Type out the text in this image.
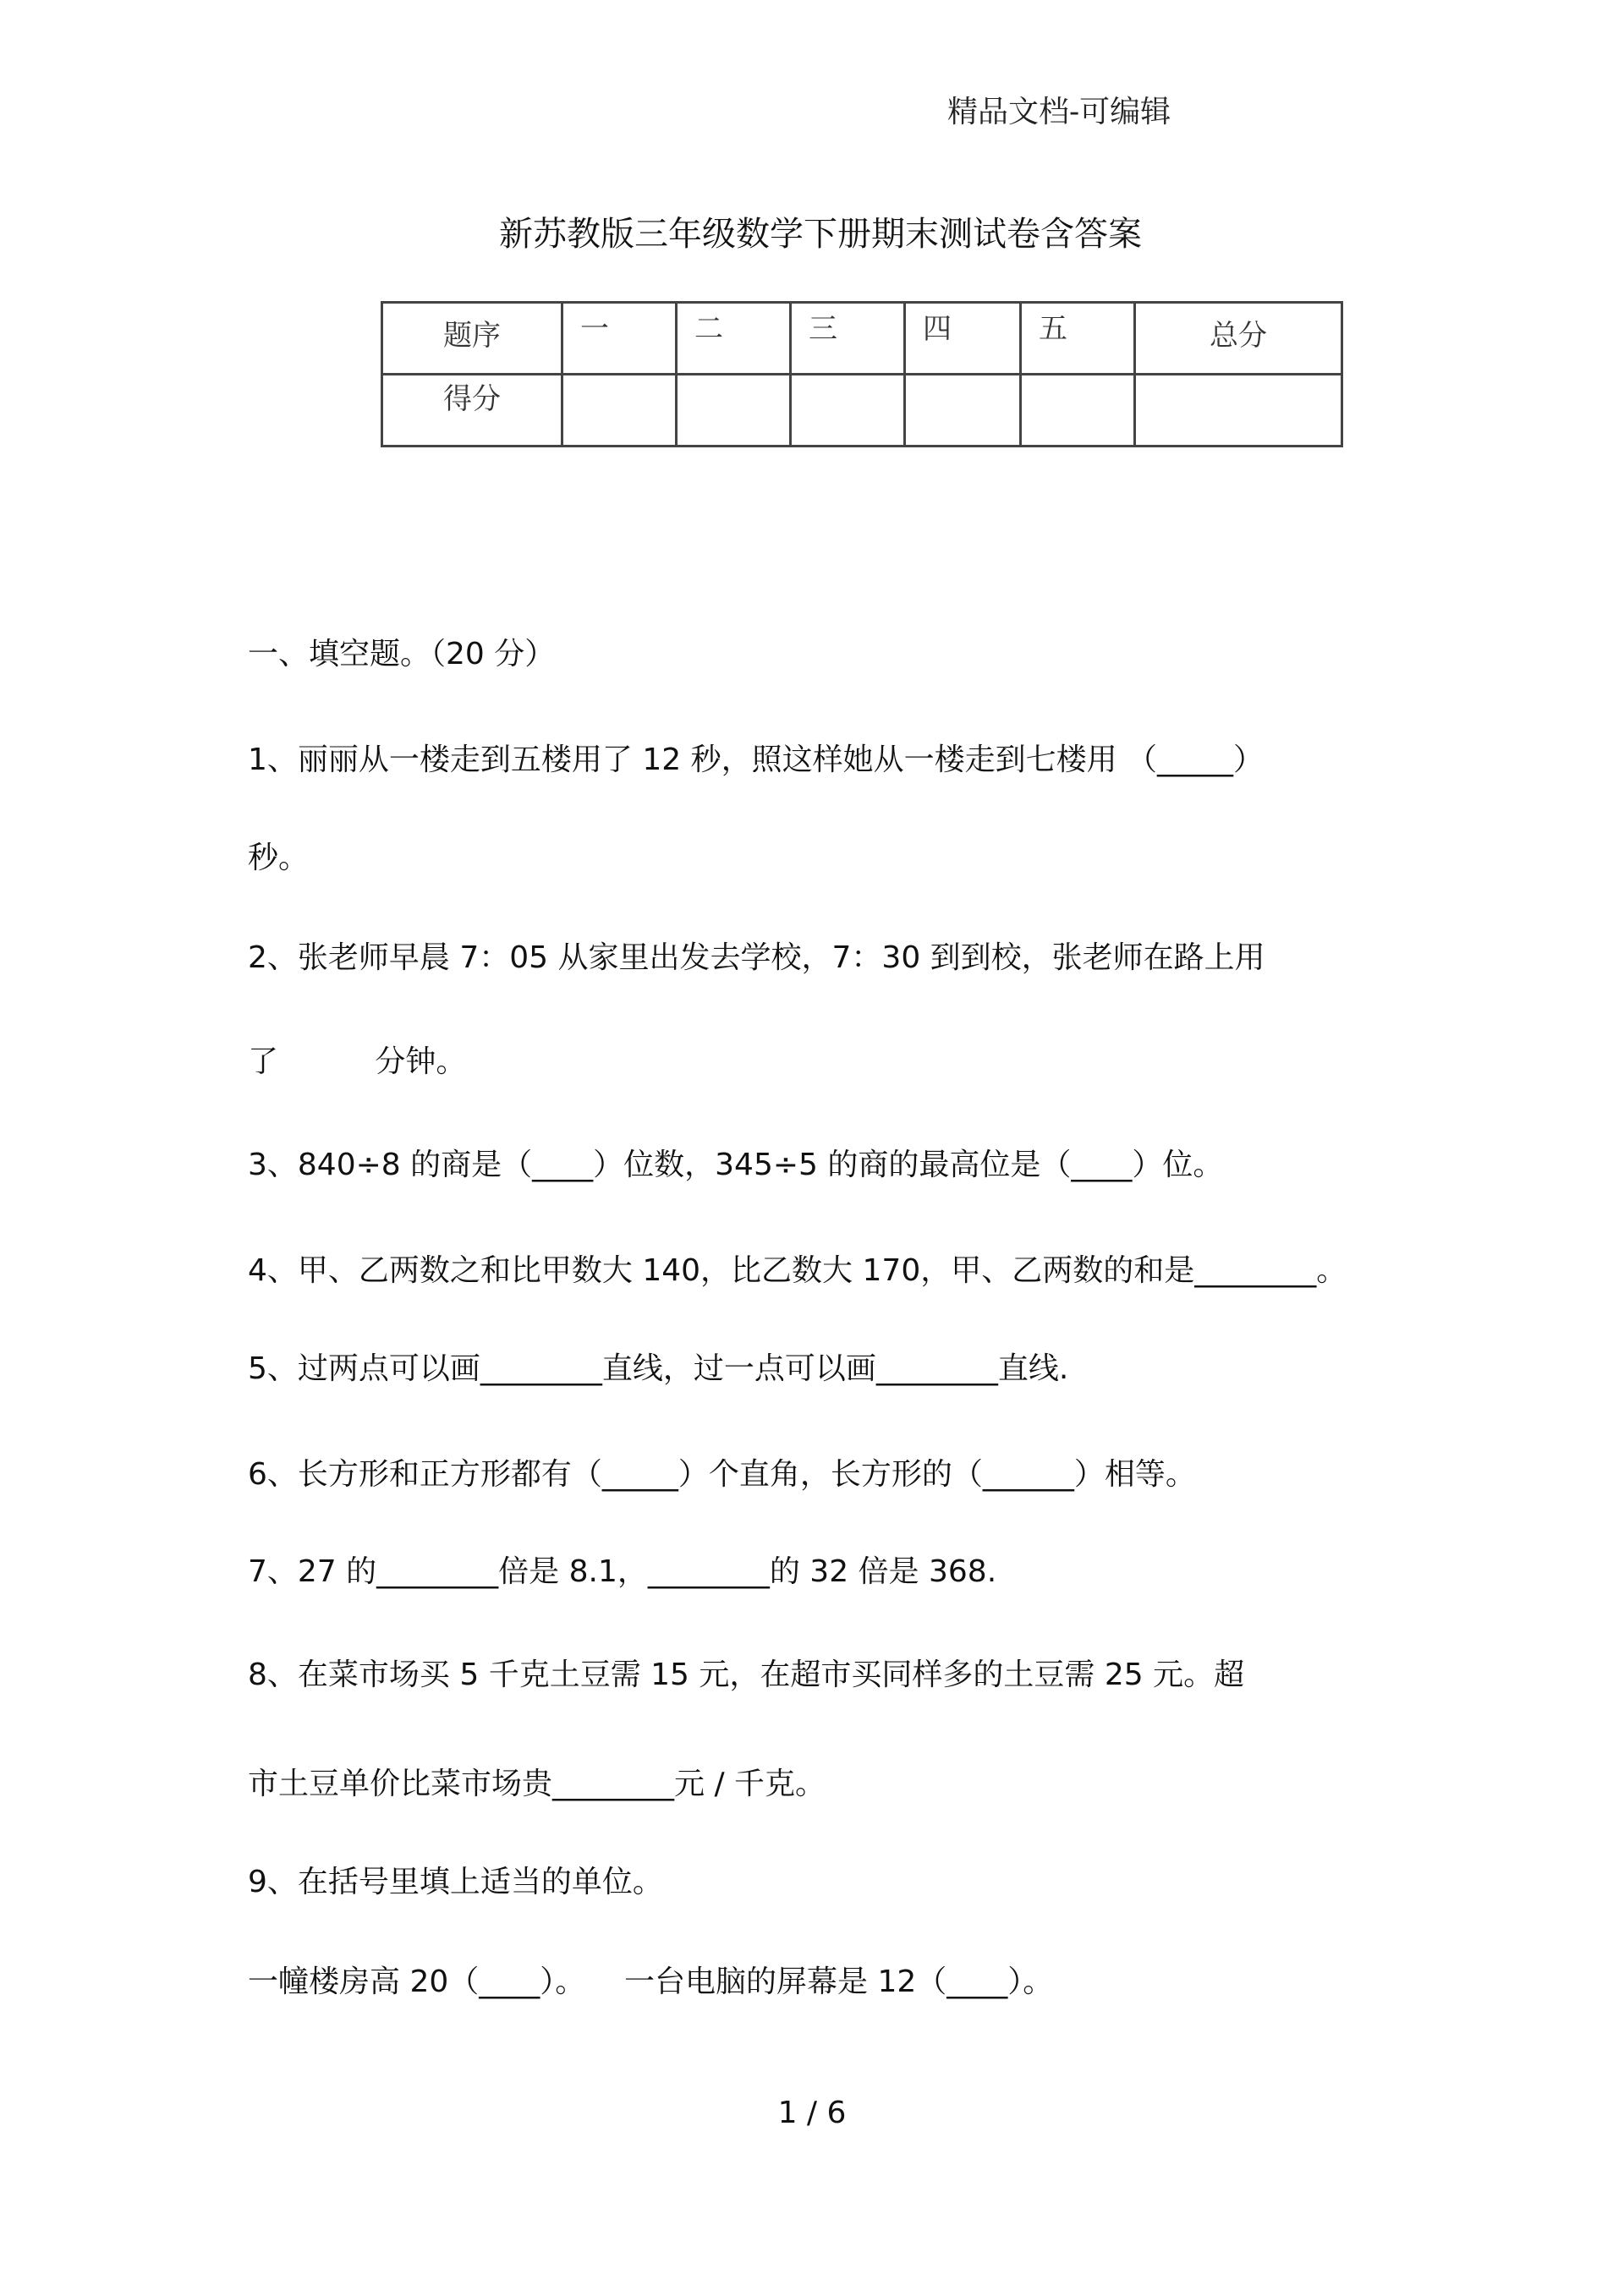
精品文档-可编辑
新苏教版三年级数学下册期末测试卷含答案
题序	一	二	三	四	五	总分
得分						
一、填空题。（20 分）
1、丽丽从一楼走到五楼用了 12 秒，照这样她从一楼走到七楼用 （_____）
秒。
2、张老师早晨 7：05 从家里出发去学校，7：30 到到校，张老师在路上用
了          分钟。
3、840÷8 的商是（____）位数，345÷5 的商的最高位是（____）位。
4、甲、乙两数之和比甲数大 140，比乙数大 170，甲、乙两数的和是________。
5、过两点可以画________直线，过一点可以画________直线.
6、长方形和正方形都有（_____）个直角，长方形的（______）相等。
7、27 的________倍是 8.1，________的 32 倍是 368.
8、在菜市场买 5 千克土豆需 15 元，在超市买同样多的土豆需 25 元。超
市土豆单价比菜市场贵________元 / 千克。
9、在括号里填上适当的单位。
一幢楼房高 20（____）。    一台电脑的屏幕是 12（____）。
1 / 6
